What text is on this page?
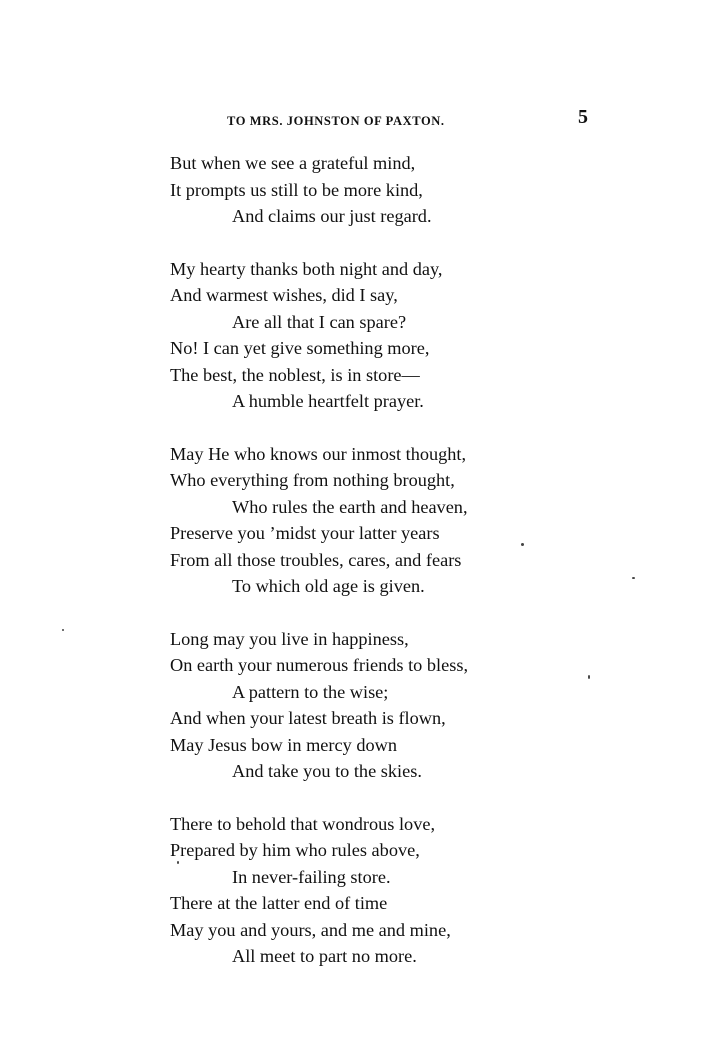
TO MRS. JOHNSTON OF PAXTON.	5
But when we see a grateful mind,
It prompts us still to be more kind,
And claims our just regard.
My hearty thanks both night and day,
And warmest wishes, did I say,
Are all that I can spare?
No! I can yet give something more,
The best, the noblest, is in store—
A humble heartfelt prayer.
May He who knows our inmost thought,
Who everything from nothing brought,
Who rules the earth and heaven,
Preserve you ’midst your latter years
From all those troubles, cares, and fears
To which old age is given.
Long may you live in happiness,
On earth your numerous friends to bless,
A pattern to the wise;
And when your latest breath is flown,
May Jesus bow in mercy down
And take you to the skies.
There to behold that wondrous love,
Prepared by him who rules above,
In never-failing store.
There at the latter end of time
May you and yours, and me and mine,
All meet to part no more.
